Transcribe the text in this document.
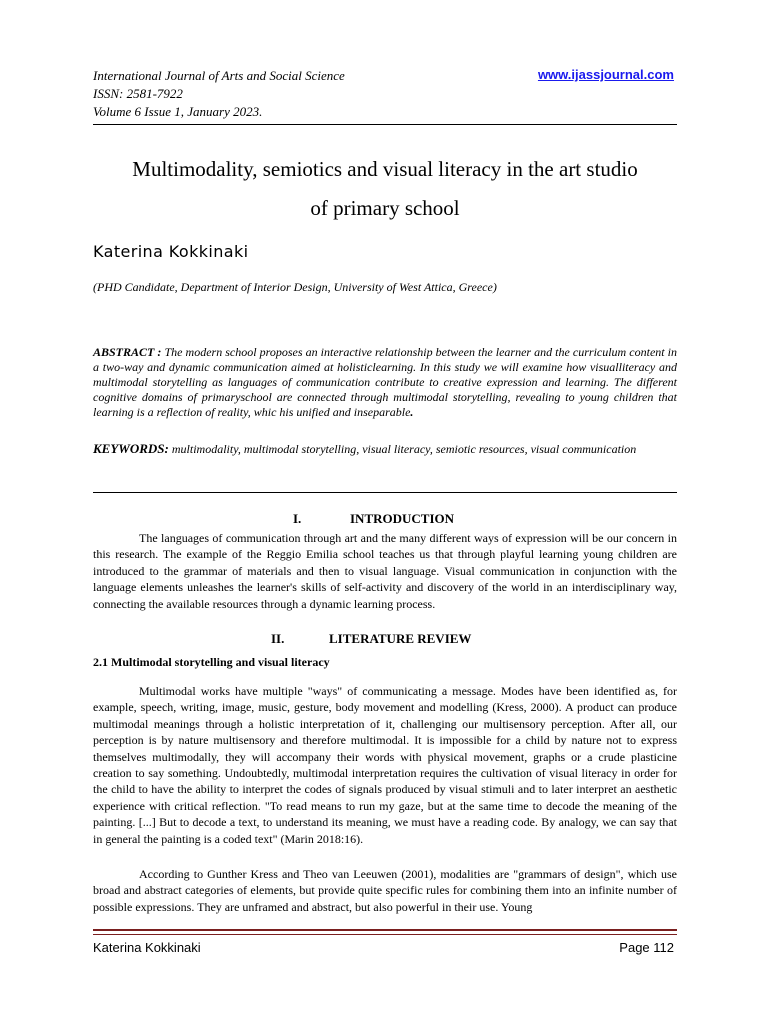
International Journal of Arts and Social Science
ISSN: 2581-7922
Volume 6 Issue 1, January 2023.
www.ijassjournal.com
Multimodality, semiotics and visual literacy in the art studio
of primary school
Katerina Kokkinaki
(PHD Candidate, Department of Interior Design, University of West Attica, Greece)
ABSTRACT : The modern school proposes an interactive relationship between the learner and the curriculum content in a two-way and dynamic communication aimed at holisticlearning. In this study we will examine how visualliteracy and multimodal storytelling as languages of communication contribute to creative expression and learning. The different cognitive domains of primaryschool are connected through multimodal storytelling, revealing to young children that learning is a reflection of reality, whic his unified and inseparable.
KEYWORDS: multimodality, multimodal storytelling, visual literacy, semiotic resources, visual communication
I.	INTRODUCTION
The languages of communication through art and the many different ways of expression will be our concern in this research. The example of the Reggio Emilia school teaches us that through playful learning young children are introduced to the grammar of materials and then to visual language. Visual communication in conjunction with the language elements unleashes the learner's skills of self-activity and discovery of the world in an interdisciplinary way, connecting the available resources through a dynamic learning process.
II.	LITERATURE REVIEW
2.1 Multimodal storytelling and visual literacy
Multimodal works have multiple "ways" of communicating a message. Modes have been identified as, for example, speech, writing, image, music, gesture, body movement and modelling (Kress, 2000). A product can produce multimodal meanings through a holistic interpretation of it, challenging our multisensory perception. After all, our perception is by nature multisensory and therefore multimodal. It is impossible for a child by nature not to express themselves multimodally, they will accompany their words with physical movement, graphs or a crude plasticine creation to say something. Undoubtedly, multimodal interpretation requires the cultivation of visual literacy in order for the child to have the ability to interpret the codes of signals produced by visual stimuli and to later interpret an aesthetic experience with critical reflection. "To read means to run my gaze, but at the same time to decode the meaning of the painting. [...] But to decode a text, to understand its meaning, we must have a reading code. By analogy, we can say that in general the painting is a coded text" (Marin 2018:16).
According to Gunther Kress and Theo van Leeuwen (2001), modalities are "grammars of design", which use broad and abstract categories of elements, but provide quite specific rules for combining them into an infinite number of possible expressions. They are unframed and abstract, but also powerful in their use. Young
Katerina Kokkinaki	Page 112
